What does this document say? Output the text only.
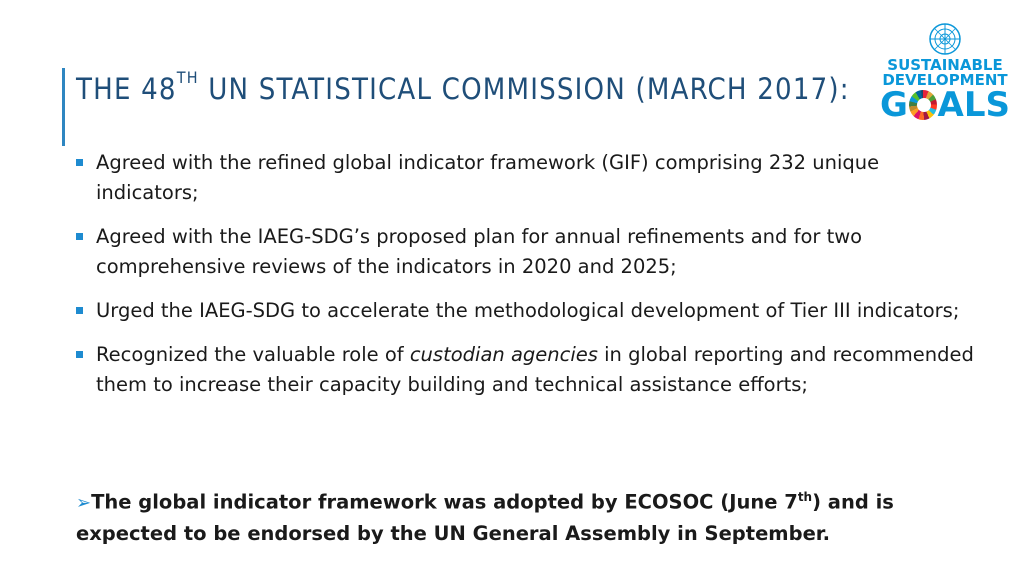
THE 48TH UN STATISTICAL COMMISSION (MARCH 2017):
SUSTAINABLE
DEVELOPMENT
G ALS
Agreed with the refined global indicator framework (GIF) comprising 232 unique indicators;
Agreed with the IAEG-SDG’s proposed plan for annual refinements and for two comprehensive reviews of the indicators in 2020 and 2025;
Urged the IAEG-SDG to accelerate the methodological development of Tier III indicators;
Recognized the valuable role of custodian agencies in global reporting and recommended them to increase their capacity building and technical assistance efforts;
➢The global indicator framework was adopted by ECOSOC (June 7th) and is expected to be endorsed by the UN General Assembly in September.
